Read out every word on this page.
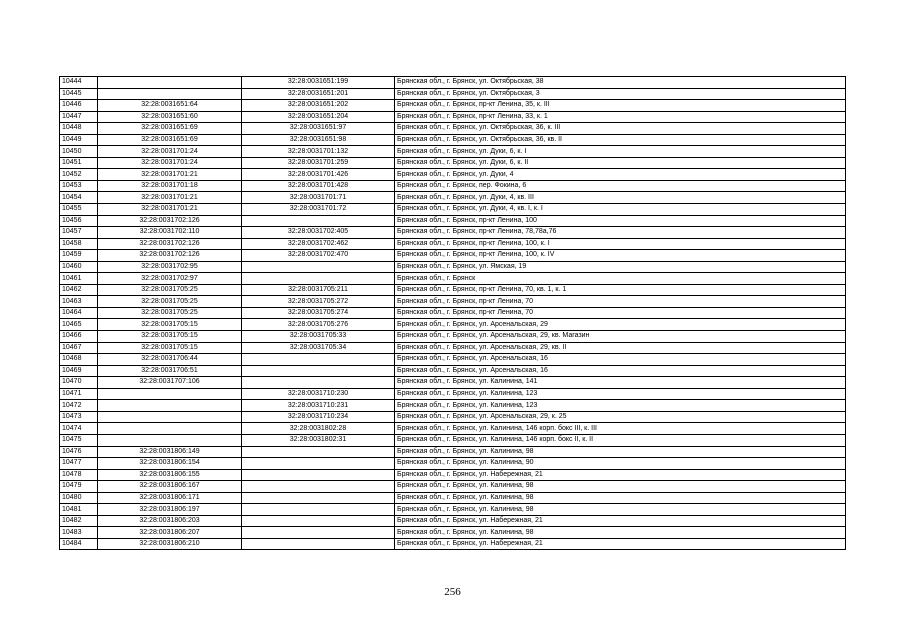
10444		32:28:0031651:199	Брянская обл., г. Брянск, ул. Октябрьская, 38
10445		32:28:0031651:201	Брянская обл., г. Брянск, ул. Октябрьская, 3
10446	32:28:0031651:64	32:28:0031651:202	Брянская обл., г. Брянск, пр-кт Ленина, 35, к. III
10447	32:28:0031651:60	32:28:0031651:204	Брянская обл., г. Брянск, пр-кт Ленина, 33, к. 1
10448	32:28:0031651:69	32:28:0031651:97	Брянская обл., г. Брянск, ул. Октябрьская, 36, к. III
10449	32:28:0031651:69	32:28:0031651:98	Брянская обл., г. Брянск, ул. Октябрьская, 36, кв. II
10450	32:28:0031701:24	32:28:0031701:132	Брянская обл., г. Брянск, ул. Дуки, 6, к. I
10451	32:28:0031701:24	32:28:0031701:259	Брянская обл., г. Брянск, ул. Дуки, 6, к. II
10452	32:28:0031701:21	32:28:0031701:426	Брянская обл., г. Брянск, ул. Дуки, 4
10453	32:28:0031701:18	32:28:0031701:428	Брянская обл., г. Брянск, пер. Фокина, 6
10454	32:28:0031701:21	32:28:0031701:71	Брянская обл., г. Брянск, ул. Дуки, 4, кв. III
10455	32:28:0031701:21	32:28:0031701:72	Брянская обл., г. Брянск, ул. Дуки, 4, кв. I, к. I
10456	32:28:0031702:126		Брянская обл., г. Брянск, пр-кт Ленина, 100
10457	32:28:0031702:110	32:28:0031702:405	Брянская обл., г. Брянск, пр-кт Ленина, 78,78а,76
10458	32:28:0031702:126	32:28:0031702:462	Брянская обл., г. Брянск, пр-кт Ленина, 100, к. I
10459	32:28:0031702:126	32:28:0031702:470	Брянская обл., г. Брянск, пр-кт Ленина, 100, к. IV
10460	32:28:0031702:95		Брянская обл., г. Брянск, ул. Ямская, 19
10461	32:28:0031702:97		Брянская обл., г. Брянск
10462	32:28:0031705:25	32:28:0031705:211	Брянская обл., г. Брянск, пр-кт Ленина, 70, кв. 1, к. 1
10463	32:28:0031705:25	32:28:0031705:272	Брянская обл., г. Брянск, пр-кт Ленина, 70
10464	32:28:0031705:25	32:28:0031705:274	Брянская обл., г. Брянск, пр-кт Ленина, 70
10465	32:28:0031705:15	32:28:0031705:276	Брянская обл., г. Брянск, ул. Арсенальская, 29
10466	32:28:0031705:15	32:28:0031705:33	Брянская обл., г. Брянск, ул. Арсенальская, 29, кв. Магазин
10467	32:28:0031705:15	32:28:0031705:34	Брянская обл., г. Брянск, ул. Арсенальская, 29, кв. II
10468	32:28:0031706:44		Брянская обл., г. Брянск, ул. Арсенальская, 16
10469	32:28:0031706:51		Брянская обл., г. Брянск, ул. Арсенальская, 16
10470	32:28:0031707:106		Брянская обл., г. Брянск, ул. Калинина, 141
10471		32:28:0031710:230	Брянская обл., г. Брянск, ул. Калинина, 123
10472		32:28:0031710:231	Брянская обл., г. Брянск, ул. Калинина, 123
10473		32:28:0031710:234	Брянская обл., г. Брянск, ул. Арсенальская, 29, к. 25
10474		32:28:0031802:28	Брянская обл., г. Брянск, ул. Калинина, 146 корп. бокс III, к. III
10475		32:28:0031802:31	Брянская обл., г. Брянск, ул. Калинина, 146 корп. бокс II, к. II
10476	32:28:0031806:149		Брянская обл., г. Брянск, ул. Калинина, 98
10477	32:28:0031806:154		Брянская обл., г. Брянск, ул. Калинина, 90
10478	32:28:0031806:155		Брянская обл., г. Брянск, ул. Набережная, 21
10479	32:28:0031806:167		Брянская обл., г. Брянск, ул. Калинина, 98
10480	32:28:0031806:171		Брянская обл., г. Брянск, ул. Калинина, 98
10481	32:28:0031806:197		Брянская обл., г. Брянск, ул. Калинина, 98
10482	32:28:0031806:203		Брянская обл., г. Брянск, ул. Набережная, 21
10483	32:28:0031806:207		Брянская обл., г. Брянск, ул. Калинина, 98
10484	32:28:0031806:210		Брянская обл., г. Брянск, ул. Набережная, 21
256
